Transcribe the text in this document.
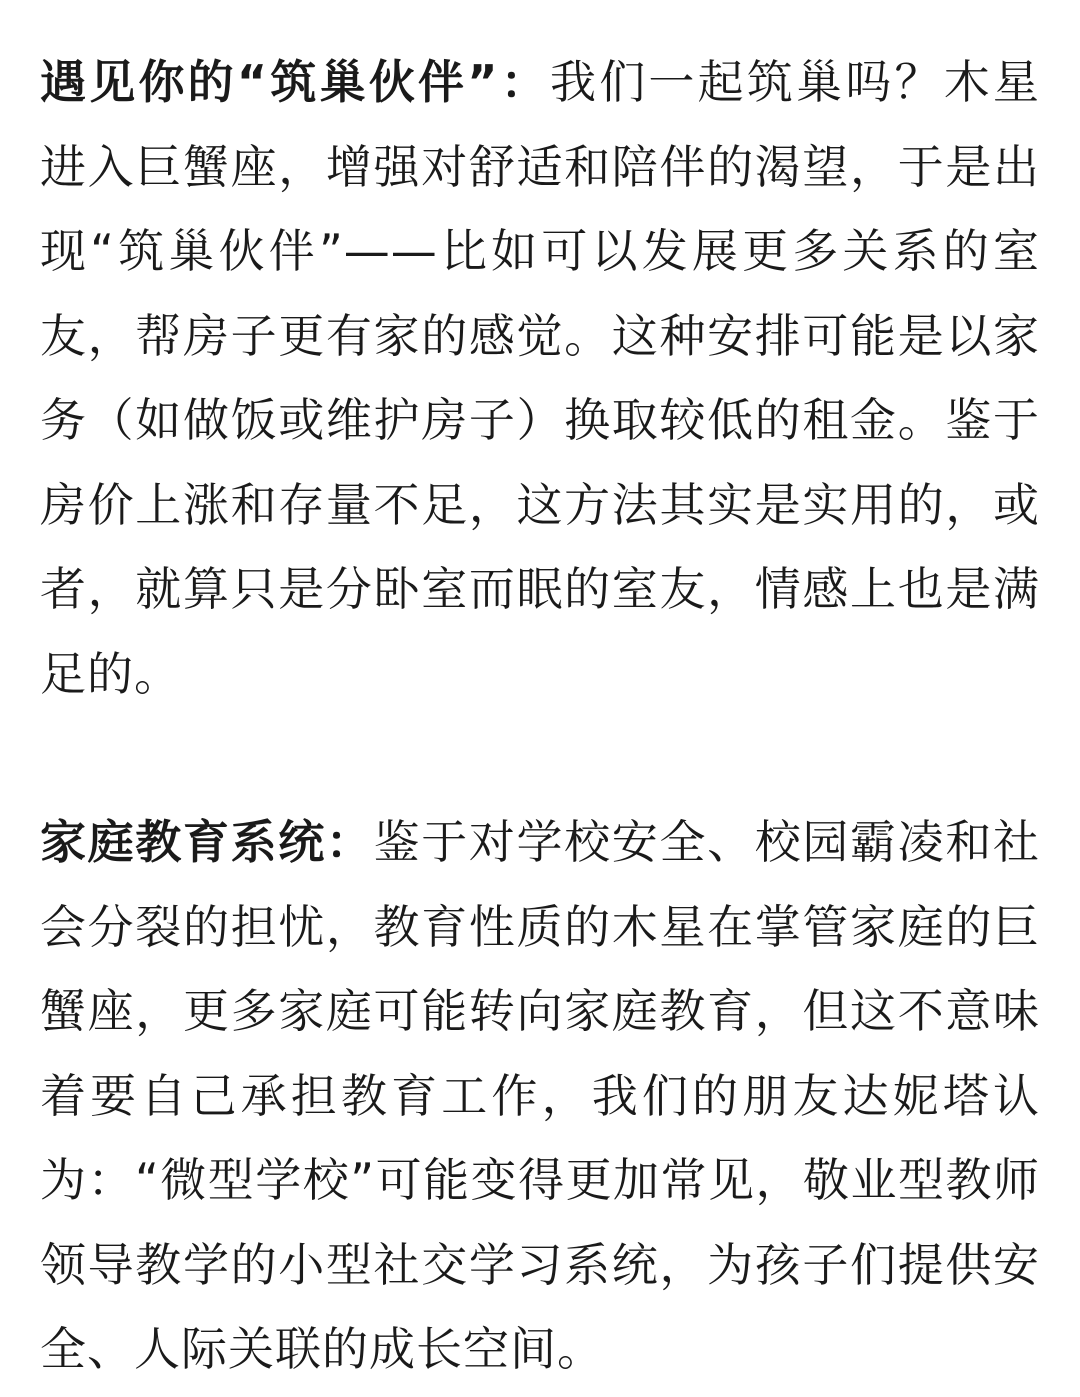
遇见你的“筑巢伙伴”：我们一起筑巢吗？木星进入巨蟹座，增强对舒适和陪伴的渴望，于是出现“筑巢伙伴”——比如可以发展更多关系的室友，帮房子更有家的感觉。这种安排可能是以家务（如做饭或维护房子）换取较低的租金。鉴于房价上涨和存量不足，这方法其实是实用的，或者，就算只是分卧室而眠的室友，情感上也是满足的。

家庭教育系统：鉴于对学校安全、校园霸凌和社会分裂的担忧，教育性质的木星在掌管家庭的巨蟹座，更多家庭可能转向家庭教育，但这不意味着要自己承担教育工作，我们的朋友达妮塔认为：“微型学校”可能变得更加常见，敬业型教师领导教学的小型社交学习系统，为孩子们提供安全、人际关联的成长空间。
